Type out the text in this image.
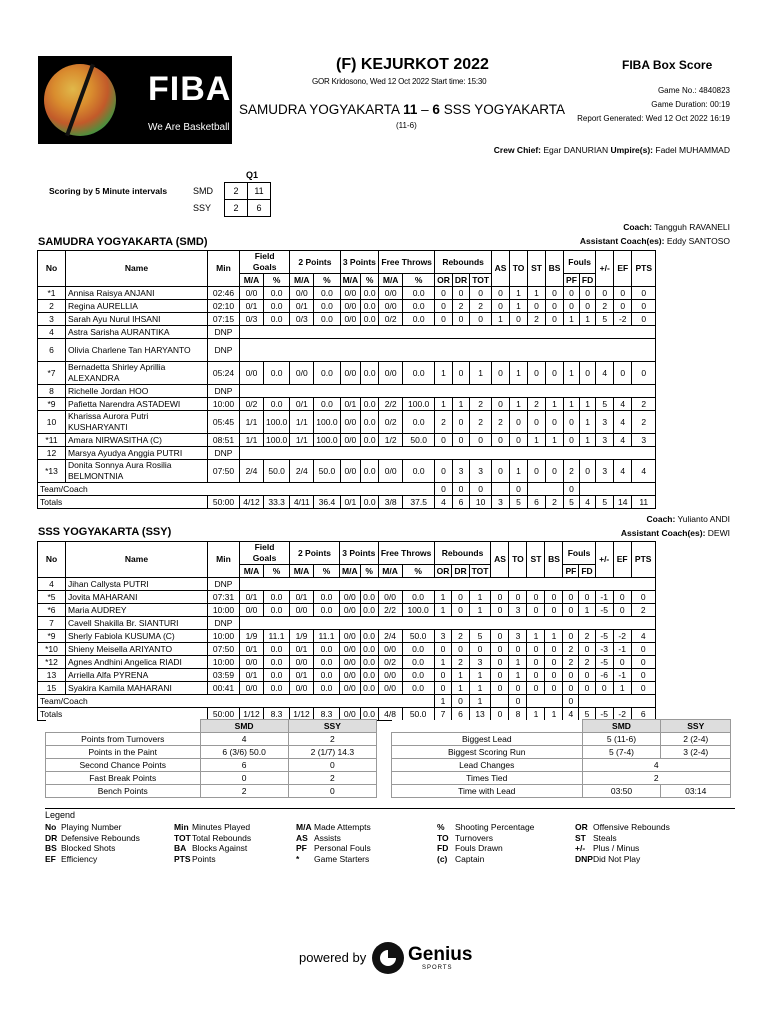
FIBA
We Are Basketball
(F) KEJURKOT 2022
GOR Kridosono, Wed 12 Oct 2022 Start time: 15:30
FIBA Box Score
Game No.: 4840823
Game Duration: 00:19
Report Generated: Wed 12 Oct 2022 16:19
SAMUDRA YOGYAKARTA 11 – 6 SSS YOGYAKARTA
(11-6)
Crew Chief: Egar DANURIAN Umpire(s): Fadel MUHAMMAD
Scoring by 5 Minute intervals
Q1
SMD	2	11
SSY	2	6
Coach: Tangguh RAVANELI
Assistant Coach(es): Eddy SANTOSO
SAMUDRA YOGYAKARTA (SMD)
No	Name	Min	Field Goals		2 Points		3 Points		Free Throws		Rebounds			AS	TO	ST	BS	Fouls		+/-	EF	PTS
			M/A	%	M/A	%	M/A	%	M/A	%	OR	DR	TOT					PF	FD			
*1	Annisa Raisya ANJANI	02:46	0/0	0.0	0/0	0.0	0/0	0.0	0/0	0.0	0	0	0	0	1	1	0	0	0	0	0	0
2	Regina AURELLIA	02:10	0/1	0.0	0/1	0.0	0/0	0.0	0/0	0.0	0	2	2	0	1	0	0	0	0	2	0	0
3	Sarah Ayu Nurul IHSANI	07:15	0/3	0.0	0/3	0.0	0/0	0.0	0/2	0.0	0	0	0	1	0	2	0	1	1	5	-2	0
4	Astra Sarisha AURANTIKA	DNP																				
6	Olivia Charlene Tan HARYANTO	DNP																				
*7	Bernadetta Shirley Aprillia ALEXANDRA	05:24	0/0	0.0	0/0	0.0	0/0	0.0	0/0	0.0	1	0	1	0	1	0	0	1	0	4	0	0
8	Richelle Jordan HOO	DNP																				
*9	Pafietta Narendra ASTADEWI	10:00	0/2	0.0	0/1	0.0	0/1	0.0	2/2	100.0	1	1	2	0	1	2	1	1	1	5	4	2
10	Kharissa Aurora Putri KUSHARYANTI	05:45	1/1	100.0	1/1	100.0	0/0	0.0	0/2	0.0	2	0	2	2	0	0	0	0	1	3	4	2
*11	Amara NIRWASITHA (C)	08:51	1/1	100.0	1/1	100.0	0/0	0.0	1/2	50.0	0	0	0	0	0	1	1	0	1	3	4	3
12	Marsya Ayudya Anggia PUTRI	DNP																				
*13	Donita Sonnya Aura Rosilia BELMONTNIA	07:50	2/4	50.0	2/4	50.0	0/0	0.0	0/0	0.0	0	3	3	0	1	0	0	2	0	3	4	4
Team/Coach											0	0	0		0			0				
Totals		50:00	4/12	33.3	4/11	36.4	0/1	0.0	3/8	37.5	4	6	10	3	5	6	2	5	4	5	14	11
Coach: Yulianto ANDI
Assistant Coach(es): DEWI
SSS YOGYAKARTA (SSY)
No	Name	Min	Field Goals		2 Points		3 Points		Free Throws		Rebounds			AS	TO	ST	BS	Fouls		+/-	EF	PTS
			M/A	%	M/A	%	M/A	%	M/A	%	OR	DR	TOT					PF	FD			
4	Jihan Callysta PUTRI	DNP																				
*5	Jovita MAHARANI	07:31	0/1	0.0	0/1	0.0	0/0	0.0	0/0	0.0	1	0	1	0	0	0	0	0	0	-1	0	0
*6	Maria AUDREY	10:00	0/0	0.0	0/0	0.0	0/0	0.0	2/2	100.0	1	0	1	0	3	0	0	0	1	-5	0	2
7	Cavell Shakilla Br. SIANTURI	DNP																				
*9	Sherly Fabiola KUSUMA (C)	10:00	1/9	11.1	1/9	11.1	0/0	0.0	2/4	50.0	3	2	5	0	3	1	1	0	2	-5	-2	4
*10	Shieny Meisella ARIYANTO	07:50	0/1	0.0	0/1	0.0	0/0	0.0	0/0	0.0	0	0	0	0	0	0	0	2	0	-3	-1	0
*12	Agnes Andhini Angelica RIADI	10:00	0/0	0.0	0/0	0.0	0/0	0.0	0/2	0.0	1	2	3	0	1	0	0	2	2	-5	0	0
13	Arriella Alfa PYRENA	03:59	0/1	0.0	0/1	0.0	0/0	0.0	0/0	0.0	0	1	1	0	1	0	0	0	0	-6	-1	0
15	Syakira Kamila MAHARANI	00:41	0/0	0.0	0/0	0.0	0/0	0.0	0/0	0.0	0	1	1	0	0	0	0	0	0	0	1	0
Team/Coach											1	0	1		0			0				
Totals		50:00	1/12	8.3	1/12	8.3	0/0	0.0	4/8	50.0	7	6	13	0	8	1	1	4	5	-5	-2	6
	SMD	SSY
Points from Turnovers	4	2
Points in the Paint	6 (3/6) 50.0	2 (1/7) 14.3
Second Chance Points	6	0
Fast Break Points	0	2
Bench Points	2	0
	SMD	SSY
Biggest Lead	5 (11-6)	2 (2-4)
Biggest Scoring Run	5 (7-4)	3 (2-4)
Lead Changes	4	
Times Tied	2	
Time with Lead	03:50	03:14
Legend
No Playing Number	Min Minutes Played	M/A Made Attempts	%	Shooting Percentage	OR Offensive Rebounds
DR Defensive Rebounds	TOT Total Rebounds	AS Assists	TO Turnovers	ST Steals
BS Blocked Shots	BA Blocks Against	PF Personal Fouls	FD Fouls Drawn	+/- Plus / Minus
EF Efficiency	PTS Points	*	Game Starters	(c) Captain	DNP Did Not Play
powered by Genius
SPORTS
